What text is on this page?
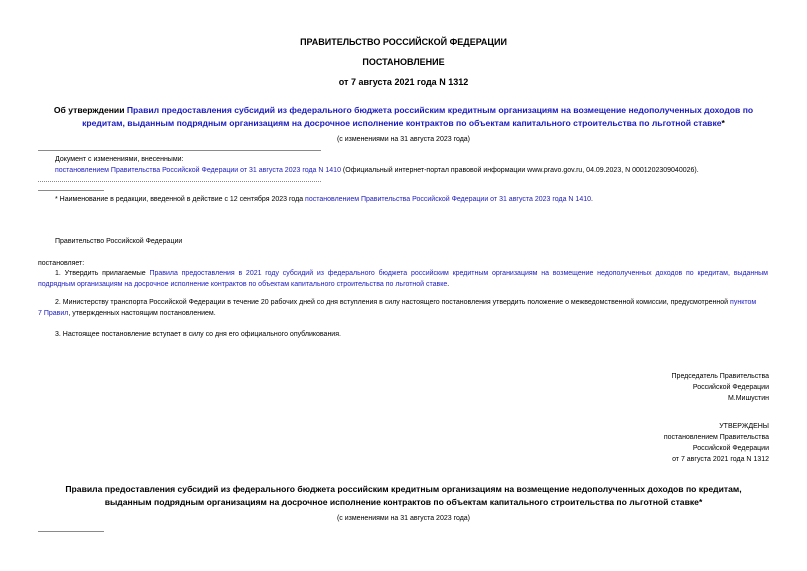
ПРАВИТЕЛЬСТВО РОССИЙСКОЙ ФЕДЕРАЦИИ
ПОСТАНОВЛЕНИЕ
от 7 августа 2021 года N 1312
Об утверждении Правил предоставления субсидий из федерального бюджета российским кредитным организациям на возмещение недополученных доходов по
кредитам, выданным подрядным организациям на досрочное исполнение контрактов по объектам капитального строительства по льготной ставке*
(с изменениями на 31 августа 2023 года)
Документ с изменениями, внесенными:
постановлением Правительства Российской Федерации от 31 августа 2023 года N 1410 (Официальный интернет-портал правовой информации www.pravo.gov.ru, 04.09.2023, N 0001202309040026).
* Наименование в редакции, введенной в действие с 12 сентября 2023 года постановлением Правительства Российской Федерации от 31 августа 2023 года N 1410.
Правительство Российской Федерации
постановляет:
1. Утвердить прилагаемые Правила предоставления в 2021 году субсидий из федерального бюджета российским кредитным организациям на возмещение недополученных доходов по кредитам, выданным
подрядным организациям на досрочное исполнение контрактов по объектам капитального строительства по льготной ставке.
2. Министерству транспорта Российской Федерации в течение 20 рабочих дней со дня вступления в силу настоящего постановления утвердить положение о межведомственной комиссии, предусмотренной пунктом
7 Правил, утвержденных настоящим постановлением.
3. Настоящее постановление вступает в силу со дня его официального опубликования.
Председатель Правительства
Российской Федерации
М.Мишустин
УТВЕРЖДЕНЫ
постановлением Правительства
Российской Федерации
от 7 августа 2021 года N 1312
Правила предоставления субсидий из федерального бюджета российским кредитным организациям на возмещение недополученных доходов по кредитам,
выданным подрядным организациям на досрочное исполнение контрактов по объектам капитального строительства по льготной ставке*
(с изменениями на 31 августа 2023 года)
